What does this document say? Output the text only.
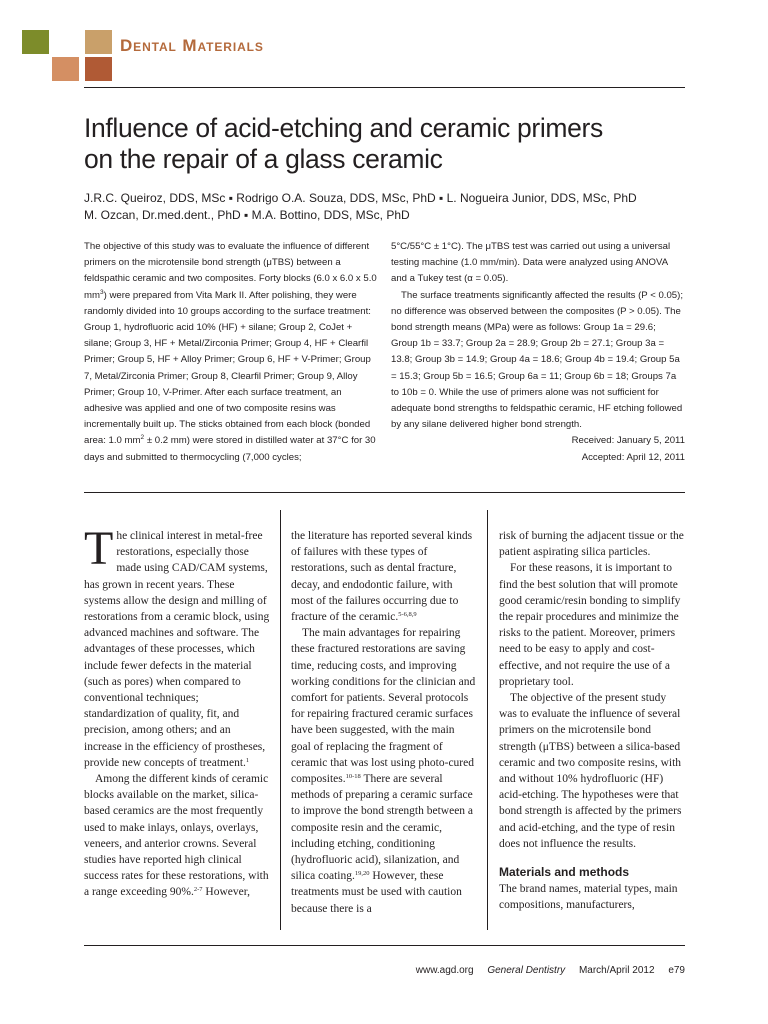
Dental Materials
Influence of acid-etching and ceramic primers
on the repair of a glass ceramic
J.R.C. Queiroz, DDS, MSc ▪ Rodrigo O.A. Souza, DDS, MSc, PhD ▪ L. Nogueira Junior, DDS, MSc, PhD
M. Ozcan, Dr.med.dent., PhD ▪ M.A. Bottino, DDS, MSc, PhD

The objective of this study was to evaluate the influence of different primers on the microtensile bond strength (μTBS) between a feldspathic ceramic and two composites. Forty blocks (6.0 x 6.0 x 5.0 $mm^3$) were prepared from Vita Mark II. After polishing, they were randomly divided into 10 groups according to the surface treatment: Group 1, hydrofluoric acid 10% (HF) + silane; Group 2, CoJet + silane; Group 3, HF + Metal/Zirconia Primer; Group 4, HF + Clearfil Primer; Group 5, HF + Alloy Primer; Group 6, HF + V-Primer; Group 7, Metal/Zirconia Primer; Group 8, Clearfil Primer; Group 9, Alloy Primer; Group 10, V-Primer. After each surface treatment, an adhesive was applied and one of two composite resins was incrementally built up. The sticks obtained from each block (bonded area: 1.0 $mm^2 \pm 0.2$ mm) were stored in distilled water at 37°C for 30 days and submitted to thermocycling (7,000 cycles;

5°C/55°C ± 1°C). The μTBS test was carried out using a universal testing machine (1.0 mm/min). Data were analyzed using ANOVA and a Tukey test (α = 0.05).

The surface treatments significantly affected the results (P < 0.05); no difference was observed between the composites (P > 0.05). The bond strength means (MPa) were as follows: Group 1a = 29.6; Group 1b = 33.7; Group 2a = 28.9; Group 2b = 27.1; Group 3a = 13.8; Group 3b = 14.9; Group 4a = 18.6; Group 4b = 19.4; Group 5a = 15.3; Group 5b = 16.5; Group 6a = 11; Group 6b = 18; Groups 7a to 10b = 0. While the use of primers alone was not sufficient for adequate bond strengths to feldspathic ceramic, HF etching followed by any silane delivered higher bond strength.

Received: January 5, 2011

Accepted: April 12, 2011

The clinical interest in metal-free restorations, especially those made using CAD/CAM systems, has grown in recent years. These systems allow the design and milling of restorations from a ceramic block, using advanced machines and software. The advantages of these processes, which include fewer defects in the material (such as pores) when compared to conventional techniques; standardization of quality, fit, and precision, among others; and an increase in the efficiency of prostheses, provide new concepts of treatment.$^1$

Among the different kinds of ceramic blocks available on the market, silica-based ceramics are the most frequently used to make inlays, onlays, overlays, veneers, and anterior crowns. Several studies have reported high clinical success rates for these restorations, with a range exceeding 90%.$^{2-7}$ However,

the literature has reported several kinds of failures with these types of restorations, such as dental fracture, decay, and endodontic failure, with most of the failures occurring due to fracture of the ceramic.$^{5-6,8,9}$

The main advantages for repairing these fractured restorations are saving time, reducing costs, and improving working conditions for the clinician and comfort for patients. Several protocols for repairing fractured ceramic surfaces have been suggested, with the main goal of replacing the fragment of ceramic that was lost using photo-cured composites.$^{10-18}$ There are several methods of preparing a ceramic surface to improve the bond strength between a composite resin and the ceramic, including etching, conditioning (hydrofluoric acid), silanization, and silica coating.$^{19,20}$ However, these treatments must be used with caution because there is a

risk of burning the adjacent tissue or the patient aspirating silica particles.

For these reasons, it is important to find the best solution that will promote good ceramic/resin bonding to simplify the repair procedures and minimize the risks to the patient. Moreover, primers need to be easy to apply and cost-effective, and not require the use of a proprietary tool.

The objective of the present study was to evaluate the influence of several primers on the microtensile bond strength (μTBS) between a silica-based ceramic and two composite resins, with and without 10% hydrofluoric (HF) acid-etching. The hypotheses were that bond strength is affected by the primers and acid-etching, and the type of resin does not influence the results.

Materials and methods

The brand names, material types, main compositions, manufacturers,

www.agd.org General Dentistry March/April 2012 e79
